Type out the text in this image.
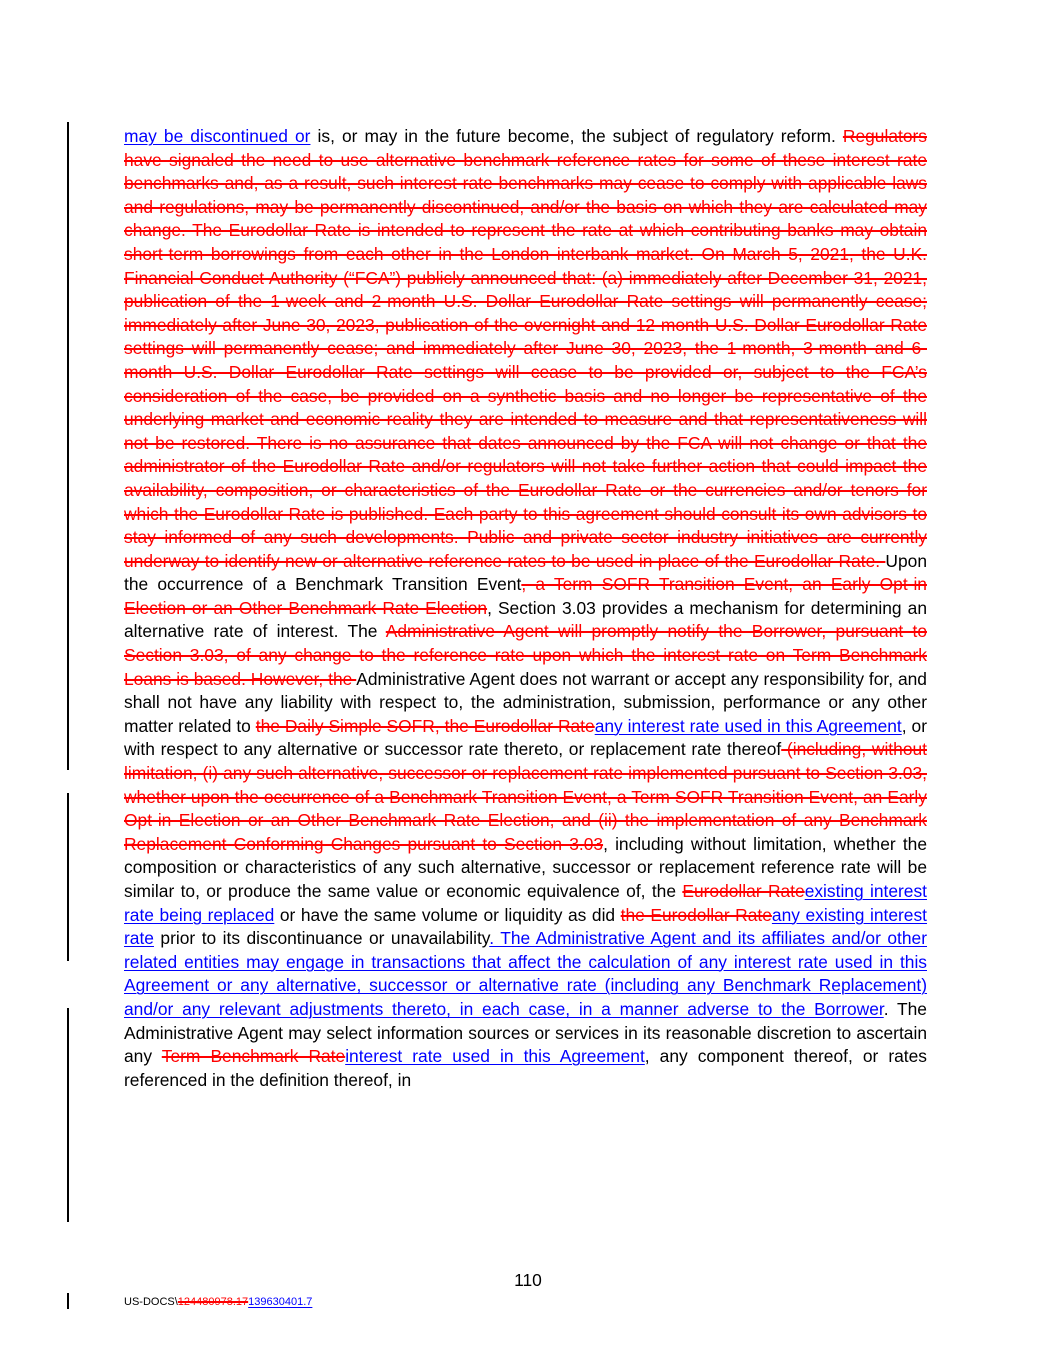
may be discontinued or is, or may in the future become, the subject of regulatory reform. Regulators have signaled the need to use alternative benchmark reference rates for some of these interest rate benchmarks and, as a result, such interest rate benchmarks may cease to comply with applicable laws and regulations, may be permanently discontinued, and/or the basis on which they are calculated may change. The Eurodollar Rate is intended to represent the rate at which contributing banks may obtain short-term borrowings from each other in the London interbank market. On March 5, 2021, the U.K. Financial Conduct Authority (“FCA”) publicly announced that: (a) immediately after December 31, 2021, publication of the 1-week and 2-month U.S. Dollar Eurodollar Rate settings will permanently cease; immediately after June 30, 2023, publication of the overnight and 12-month U.S. Dollar Eurodollar Rate settings will permanently cease; and immediately after June 30, 2023, the 1-month, 3-month and 6-month U.S. Dollar Eurodollar Rate settings will cease to be provided or, subject to the FCA’s consideration of the case, be provided on a synthetic basis and no longer be representative of the underlying market and economic reality they are intended to measure and that representativeness will not be restored. There is no assurance that dates announced by the FCA will not change or that the administrator of the Eurodollar Rate and/or regulators will not take further action that could impact the availability, composition, or characteristics of the Eurodollar Rate or the currencies and/or tenors for which the Eurodollar Rate is published. Each party to this agreement should consult its own advisors to stay informed of any such developments. Public and private sector industry initiatives are currently underway to identify new or alternative reference rates to be used in place of the Eurodollar Rate. Upon the occurrence of a Benchmark Transition Event, a Term SOFR Transition Event, an Early Opt-in Election or an Other Benchmark Rate Election, Section 3.03 provides a mechanism for determining an alternative rate of interest. The Administrative Agent will promptly notify the Borrower, pursuant to Section 3.03, of any change to the reference rate upon which the interest rate on Term Benchmark Loans is based. However, the Administrative Agent does not warrant or accept any responsibility for, and shall not have any liability with respect to, the administration, submission, performance or any other matter related to the Daily Simple SOFR, the Eurodollar Rateany interest rate used in this Agreement, or with respect to any alternative or successor rate thereto, or replacement rate thereof (including, without limitation, (i) any such alternative, successor or replacement rate implemented pursuant to Section 3.03, whether upon the occurrence of a Benchmark Transition Event, a Term SOFR Transition Event, an Early Opt-in Election or an Other Benchmark Rate Election, and (ii) the implementation of any Benchmark Replacement Conforming Changes pursuant to Section 3.03, including without limitation, whether the composition or characteristics of any such alternative, successor or replacement reference rate will be similar to, or produce the same value or economic equivalence of, the Eurodollar Rateexisting interest rate being replaced or have the same volume or liquidity as did the Eurodollar Rateany existing interest rate prior to its discontinuance or unavailability. The Administrative Agent and its affiliates and/or other related entities may engage in transactions that affect the calculation of any interest rate used in this Agreement or any alternative, successor or alternative rate (including any Benchmark Replacement) and/or any relevant adjustments thereto, in each case, in a manner adverse to the Borrower. The Administrative Agent may select information sources or services in its reasonable discretion to ascertain any Term Benchmark Rateinterest rate used in this Agreement, any component thereof, or rates referenced in the definition thereof, in
110
US-DOCS\124480978.17139630401.7
